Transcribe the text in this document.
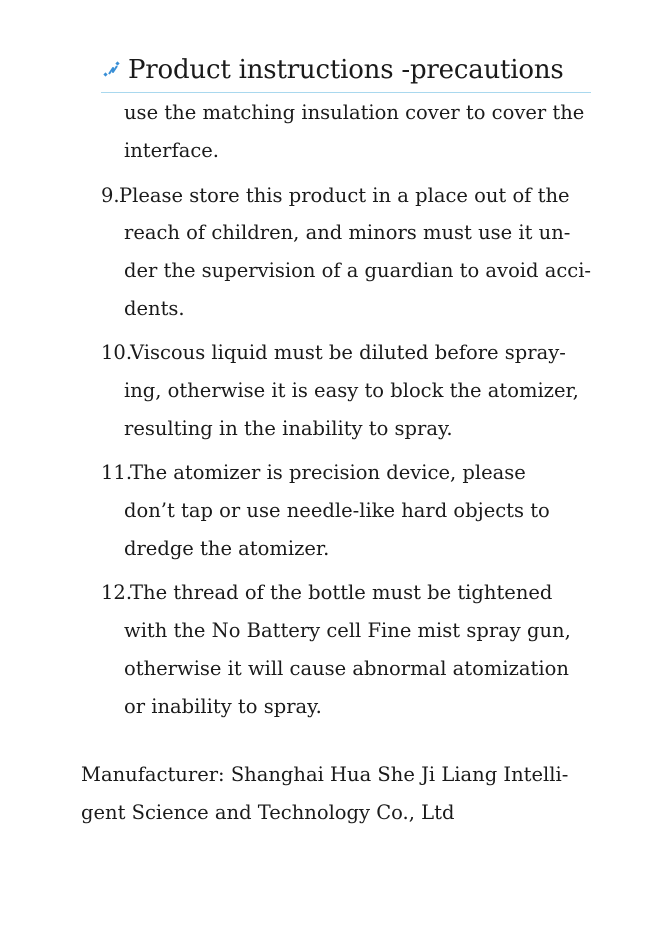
Product instructions -precautions
use the matching insulation cover to cover the
interface.
9. Please store this product in a place out of the
reach of children, and minors must use it un-
der the supervision of a guardian to avoid acci-
dents.
10.
Viscous liquid must be diluted before spray-
ing, otherwise it is easy to block the atomizer,
resulting in the inability to spray.
11.
The atomizer is precision device, please
don’t tap or use needle-like hard objects to
dredge the atomizer.
12.
The thread of the bottle must be tightened
with the No Battery cell Fine mist spray gun,
otherwise it will cause abnormal atomization
or inability to spray.
Manufacturer: Shanghai Hua She Ji Liang Intelli-
gent Science and Technology Co., Ltd
